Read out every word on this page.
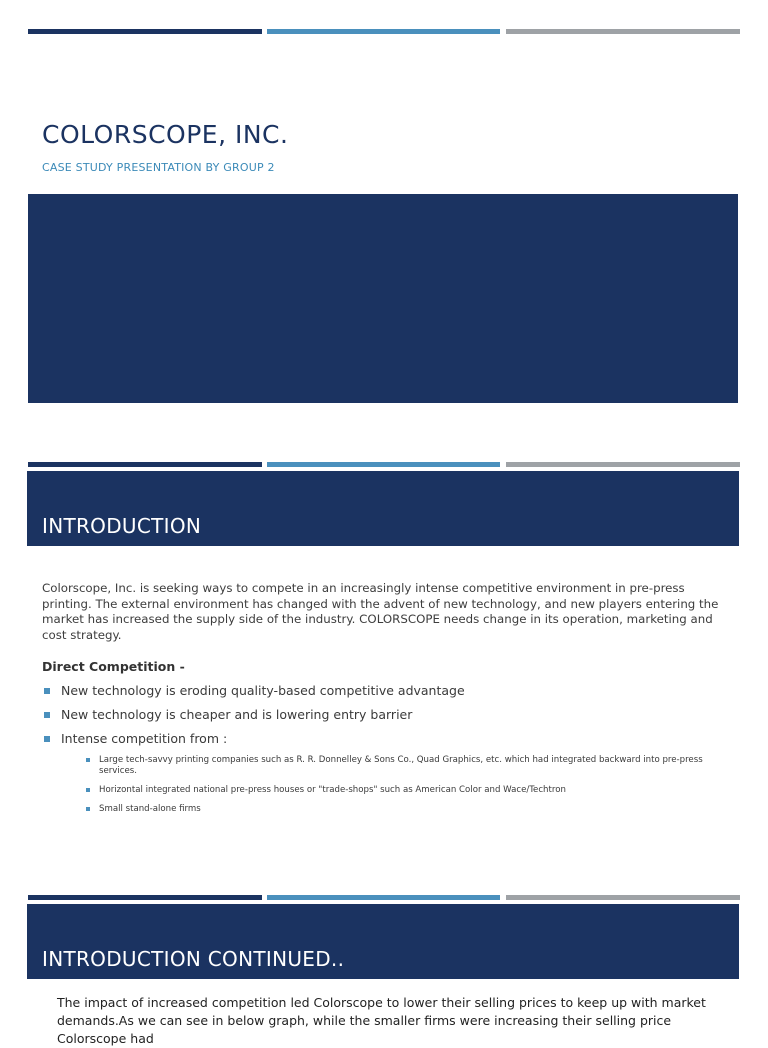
COLORSCOPE, INC.
CASE STUDY PRESENTATION BY GROUP 2
INTRODUCTION

Colorscope, Inc. is seeking ways to compete in an increasingly intense competitive environment in pre-press printing. The external environment has changed with the advent of new technology, and new players entering the market has increased the supply side of the industry. COLORSCOPE needs change in its operation, marketing and cost strategy.

Direct Competition -
New technology is eroding quality-based competitive advantage
New technology is cheaper and is lowering entry barrier
Intense competition from :
Large tech-savvy printing companies such as R. R. Donnelley & Sons Co., Quad Graphics, etc. which had integrated backward into pre-press services.
Horizontal integrated national pre-press houses or "trade-shops" such as American Color and Wace/Techtron
Small stand-alone firms
INTRODUCTION CONTINUED..

The impact of increased competition led Colorscope to lower their selling prices to keep up with market demands.As we can see in below graph, while the smaller firms were increasing their selling price Colorscope had
